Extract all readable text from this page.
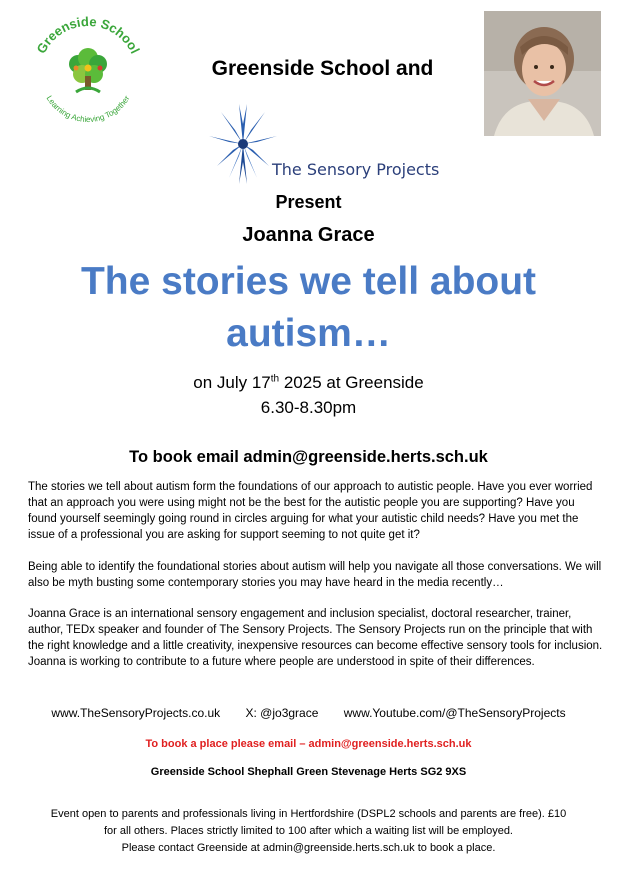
Greenside School
Learning Achieving Together
Greenside School and
The Sensory Projects
Present
Joanna Grace
The stories we tell about autism…
on July 17th 2025 at Greenside
6.30-8.30pm
To book email admin@greenside.herts.sch.uk
The stories we tell about autism form the foundations of our approach to autistic people. Have you ever worried that an approach you were using might not be the best for the autistic people you are supporting? Have you found yourself seemingly going round in circles arguing for what your autistic child needs? Have you met the issue of a professional you are asking for support seeming to not quite get it?
Being able to identify the foundational stories about autism will help you navigate all those conversations. We will also be myth busting some contemporary stories you may have heard in the media recently…
Joanna Grace is an international sensory engagement and inclusion specialist, doctoral researcher, trainer, author, TEDx speaker and founder of The Sensory Projects. The Sensory Projects run on the principle that with the right knowledge and a little creativity, inexpensive resources can become effective sensory tools for inclusion. Joanna is working to contribute to a future where people are understood in spite of their differences.
www.TheSensoryProjects.co.uk X: @jo3grace www.Youtube.com/@TheSensoryProjects
To book a place please email – admin@greenside.herts.sch.uk
Greenside School Shephall Green Stevenage Herts SG2 9XS
Event open to parents and professionals living in Hertfordshire (DSPL2 schools and parents are free). £10
for all others. Places strictly limited to 100 after which a waiting list will be employed.
Please contact Greenside at admin@greenside.herts.sch.uk to book a place.
